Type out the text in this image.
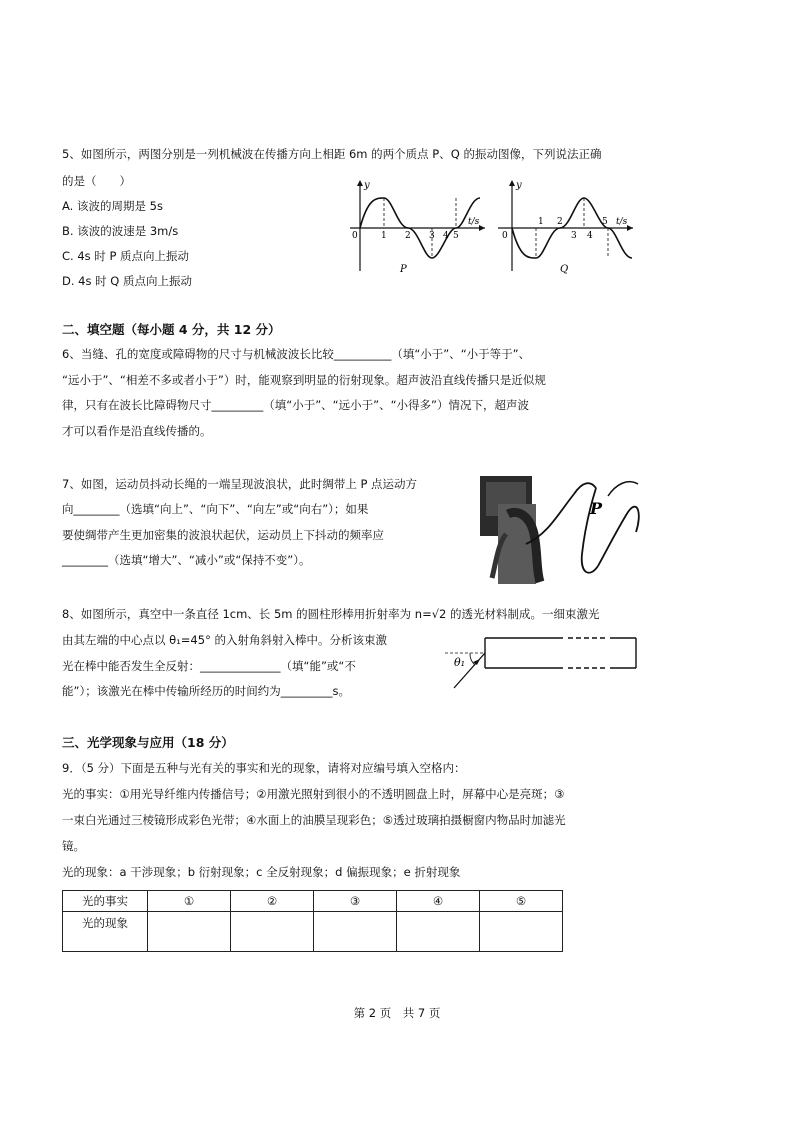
5、如图所示，两图分别是一列机械波在传播方向上相距 6m 的两个质点 P、Q 的振动图像，下列说法正确
的是（　　）
A. 该波的周期是 5s
B. 该波的波速是 3m/s
C. 4s 时 P 质点向上振动
D. 4s 时 Q 质点向上振动
y
t/s
0	1 2 3 4 5
P
y
t/s
0
1 2
3 4
5
Q
二、填空题（每小题 4 分，共 12 分）
6、当缝、孔的宽度或障碍物的尺寸与机械波波长比较__________（填“小于”、“小于等于”、
“远小于”、“相差不多或者小于”）时，能观察到明显的衍射现象。超声波沿直线传播只是近似规
律，只有在波长比障碍物尺寸_________（填“小于”、“远小于”、“小得多”）情况下，超声波
才可以看作是沿直线传播的。
7、如图，运动员抖动长绳的一端呈现波浪状，此时绸带上 P 点运动方
向________（选填“向上”、“向下”、“向左”或“向右”）；如果
要使绸带产生更加密集的波浪状起伏，运动员上下抖动的频率应
________（选填“增大”、“减小”或“保持不变”）。
P
8、如图所示，真空中一条直径 1cm、长 5m 的圆柱形棒用折射率为 n=√2 的透光材料制成。一细束激光
由其左端的中心点以 θ₁=45° 的入射角斜射入棒中。分析该束激
光在棒中能否发生全反射：______________（填“能”或“不
能”）；该激光在棒中传输所经历的时间约为_________s。
θ₁
三、光学现象与应用（18 分）
9．（5 分）下面是五种与光有关的事实和光的现象，请将对应编号填入空格内：
光的事实：①用光导纤维内传播信号；②用激光照射到很小的不透明圆盘上时，屏幕中心是亮斑；③
一束白光通过三棱镜形成彩色光带；④水面上的油膜呈现彩色；⑤透过玻璃拍摄橱窗内物品时加滤光
镜。
光的现象：a 干涉现象；b 衍射现象；c 全反射现象；d 偏振现象；e 折射现象
光的事实	①	②	③	④	⑤
光的现象					
第 2 页　共 7 页
